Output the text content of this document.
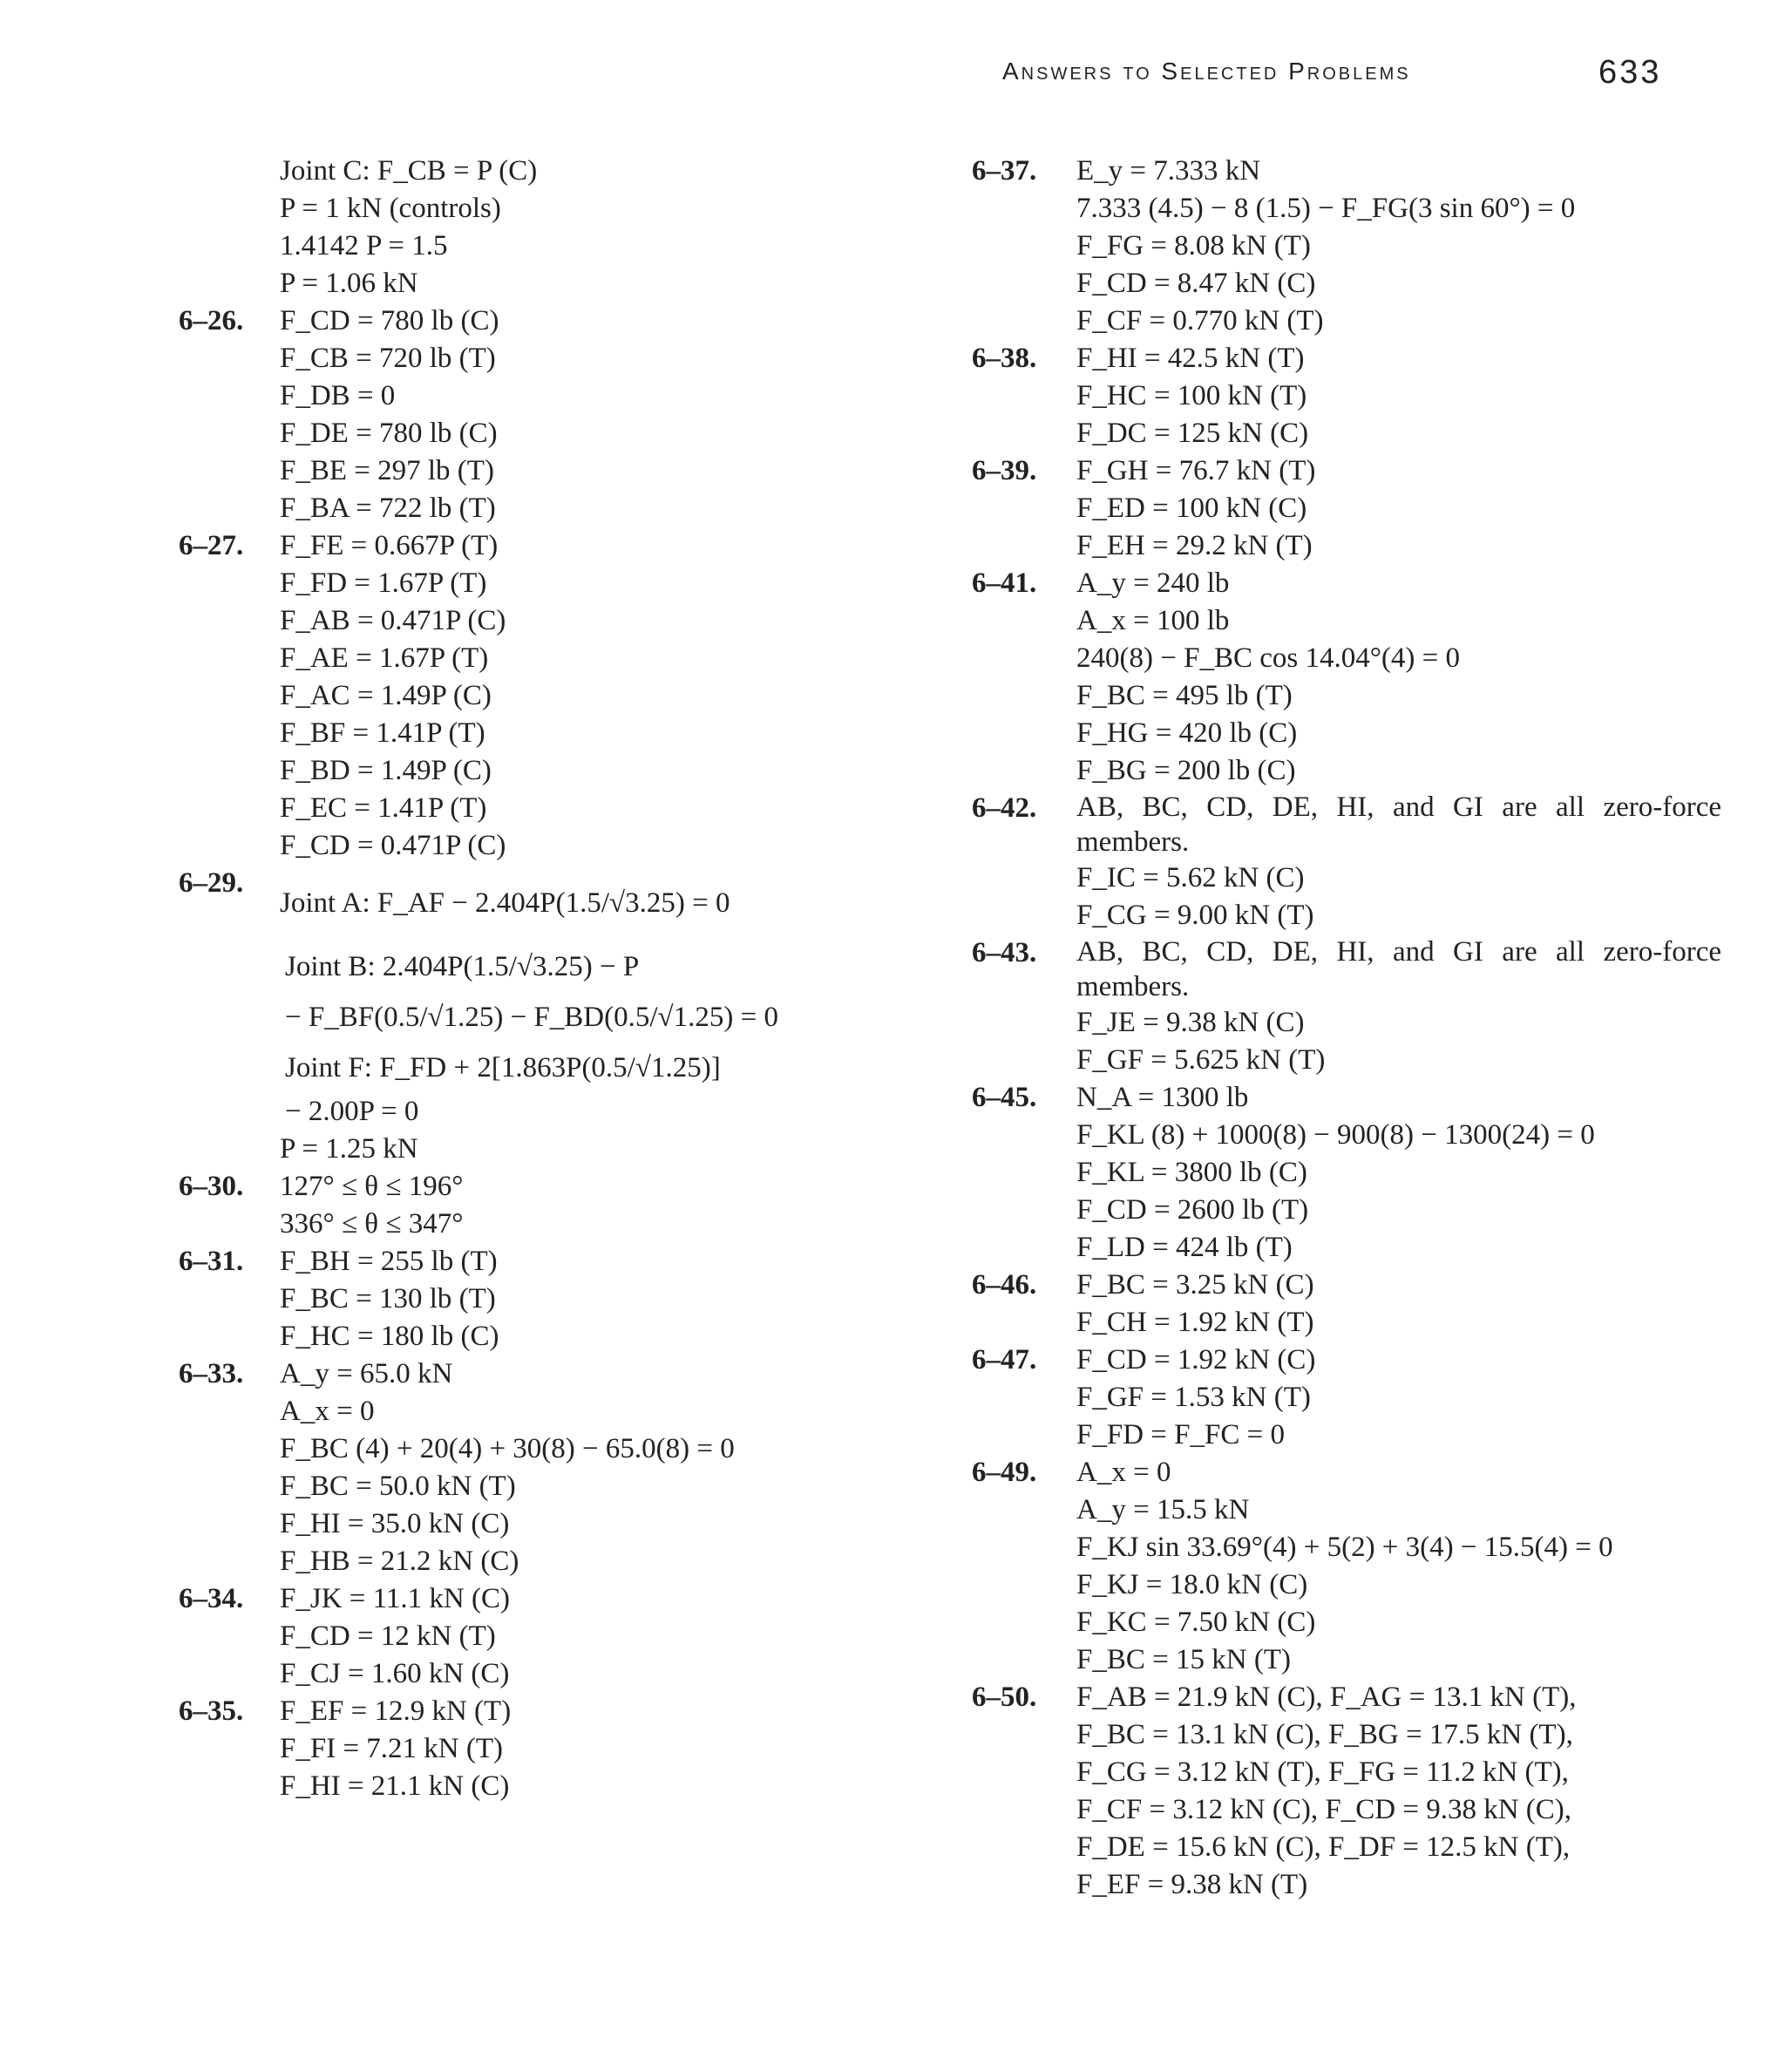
Answers to Selected Problems	633
Joint C: F_CB = P (C)
P = 1 kN (controls)
1.4142 P = 1.5
P = 1.06 kN
6–26. F_CD = 780 lb (C)
F_CB = 720 lb (T)
F_DB = 0
F_DE = 780 lb (C)
F_BE = 297 lb (T)
F_BA = 722 lb (T)
6–27. F_FE = 0.667P (T)
F_FD = 1.67P (T)
F_AB = 0.471P (C)
F_AE = 1.67P (T)
F_AC = 1.49P (C)
F_BF = 1.41P (T)
F_BD = 1.49P (C)
F_EC = 1.41P (T)
F_CD = 0.471P (C)
6–29.
Joint A: F_AF − 2.404P(1.5/√3.25) = 0
Joint B: 2.404P(1.5/√3.25) − P
− F_BF(0.5/√1.25) − F_BD(0.5/√1.25) = 0
Joint F: F_FD + 2[1.863P(0.5/√1.25)]
− 2.00P = 0
P = 1.25 kN
6–30. 127° ≤ θ ≤ 196°
336° ≤ θ ≤ 347°
6–31. F_BH = 255 lb (T)
F_BC = 130 lb (T)
F_HC = 180 lb (C)
6–33. A_y = 65.0 kN
A_x = 0
F_BC (4) + 20(4) + 30(8) − 65.0(8) = 0
F_BC = 50.0 kN (T)
F_HI = 35.0 kN (C)
F_HB = 21.2 kN (C)
6–34. F_JK = 11.1 kN (C)
F_CD = 12 kN (T)
F_CJ = 1.60 kN (C)
6–35. F_EF = 12.9 kN (T)
F_FI = 7.21 kN (T)
F_HI = 21.1 kN (C)
6–37. E_y = 7.333 kN
7.333 (4.5) − 8 (1.5) − F_FG(3 sin 60°) = 0
F_FG = 8.08 kN (T)
F_CD = 8.47 kN (C)
F_CF = 0.770 kN (T)
6–38. F_HI = 42.5 kN (T)
F_HC = 100 kN (T)
F_DC = 125 kN (C)
6–39. F_GH = 76.7 kN (T)
F_ED = 100 kN (C)
F_EH = 29.2 kN (T)
6–41. A_y = 240 lb
A_x = 100 lb
240(8) − F_BC cos 14.04°(4) = 0
F_BC = 495 lb (T)
F_HG = 420 lb (C)
F_BG = 200 lb (C)
6–42. AB, BC, CD, DE, HI, and GI are all zero-force members.
F_IC = 5.62 kN (C)
F_CG = 9.00 kN (T)
6–43. AB, BC, CD, DE, HI, and GI are all zero-force members.
F_JE = 9.38 kN (C)
F_GF = 5.625 kN (T)
6–45. N_A = 1300 lb
F_KL (8) + 1000(8) − 900(8) − 1300(24) = 0
F_KL = 3800 lb (C)
F_CD = 2600 lb (T)
F_LD = 424 lb (T)
6–46. F_BC = 3.25 kN (C)
F_CH = 1.92 kN (T)
6–47. F_CD = 1.92 kN (C)
F_GF = 1.53 kN (T)
F_FD = F_FC = 0
6–49. A_x = 0
A_y = 15.5 kN
F_KJ sin 33.69°(4) + 5(2) + 3(4) − 15.5(4) = 0
F_KJ = 18.0 kN (C)
F_KC = 7.50 kN (C)
F_BC = 15 kN (T)
6–50. F_AB = 21.9 kN (C), F_AG = 13.1 kN (T),
F_BC = 13.1 kN (C), F_BG = 17.5 kN (T),
F_CG = 3.12 kN (T), F_FG = 11.2 kN (T),
F_CF = 3.12 kN (C), F_CD = 9.38 kN (C),
F_DE = 15.6 kN (C), F_DF = 12.5 kN (T),
F_EF = 9.38 kN (T)
